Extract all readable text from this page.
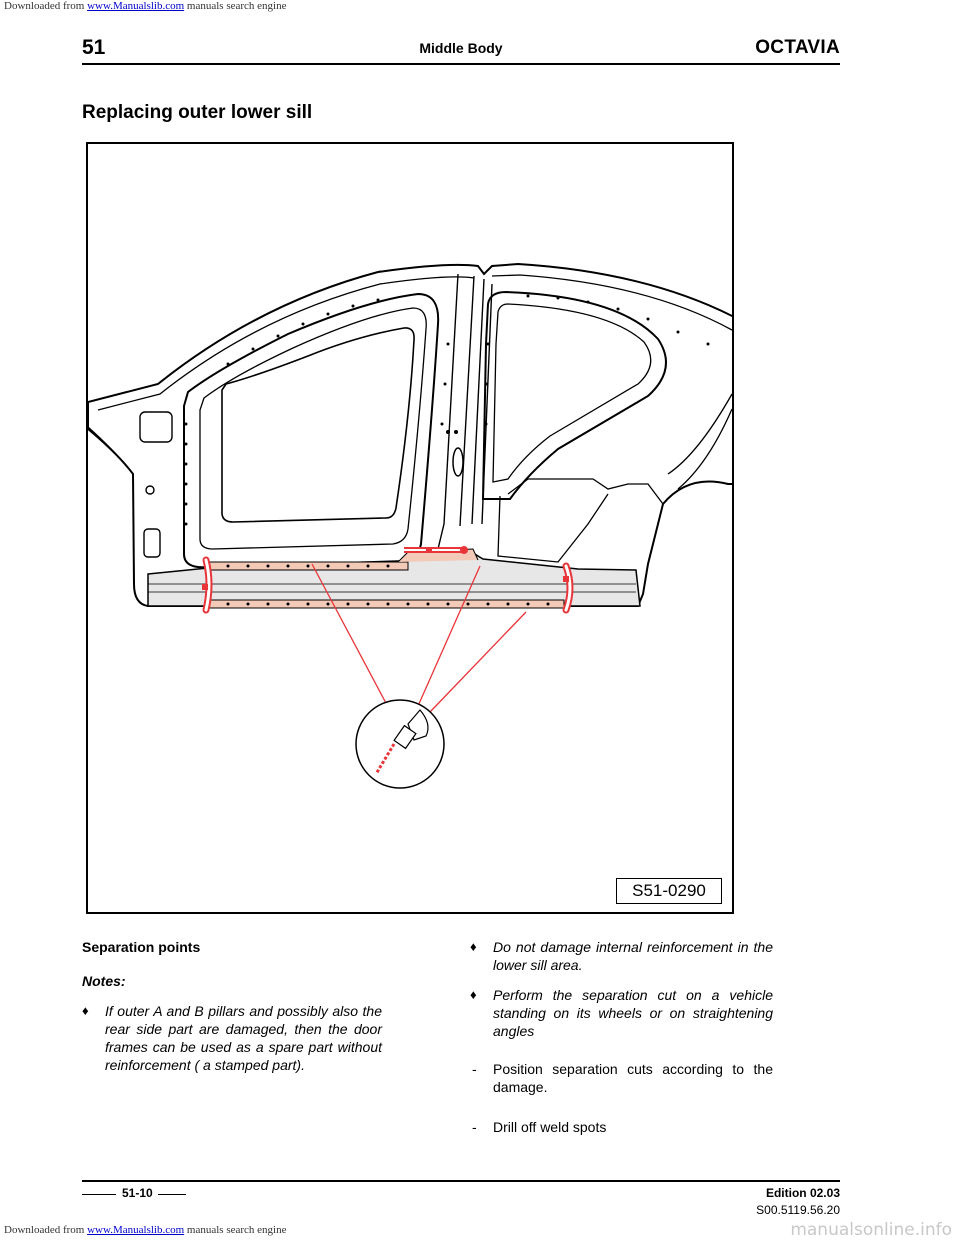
Downloaded from www.Manualslib.com manuals search engine
51	Middle Body	OCTAVIA
Replacing outer lower sill
S51-0290
Separation points
Notes:
♦ If outer A and B pillars and possibly also the rear side part are damaged, then the door frames can be used as a spare part without reinforcement ( a stamped part).
♦ Do not damage internal reinforcement in the lower sill area.
♦ Perform the separation cut on a vehicle standing on its wheels or on straightening angles
- Position separation cuts according to the damage.
- Drill off weld spots
51-10	Edition 02.03
S00.5119.56.20
Downloaded from www.Manualslib.com manuals search engine	manualsonline.info
